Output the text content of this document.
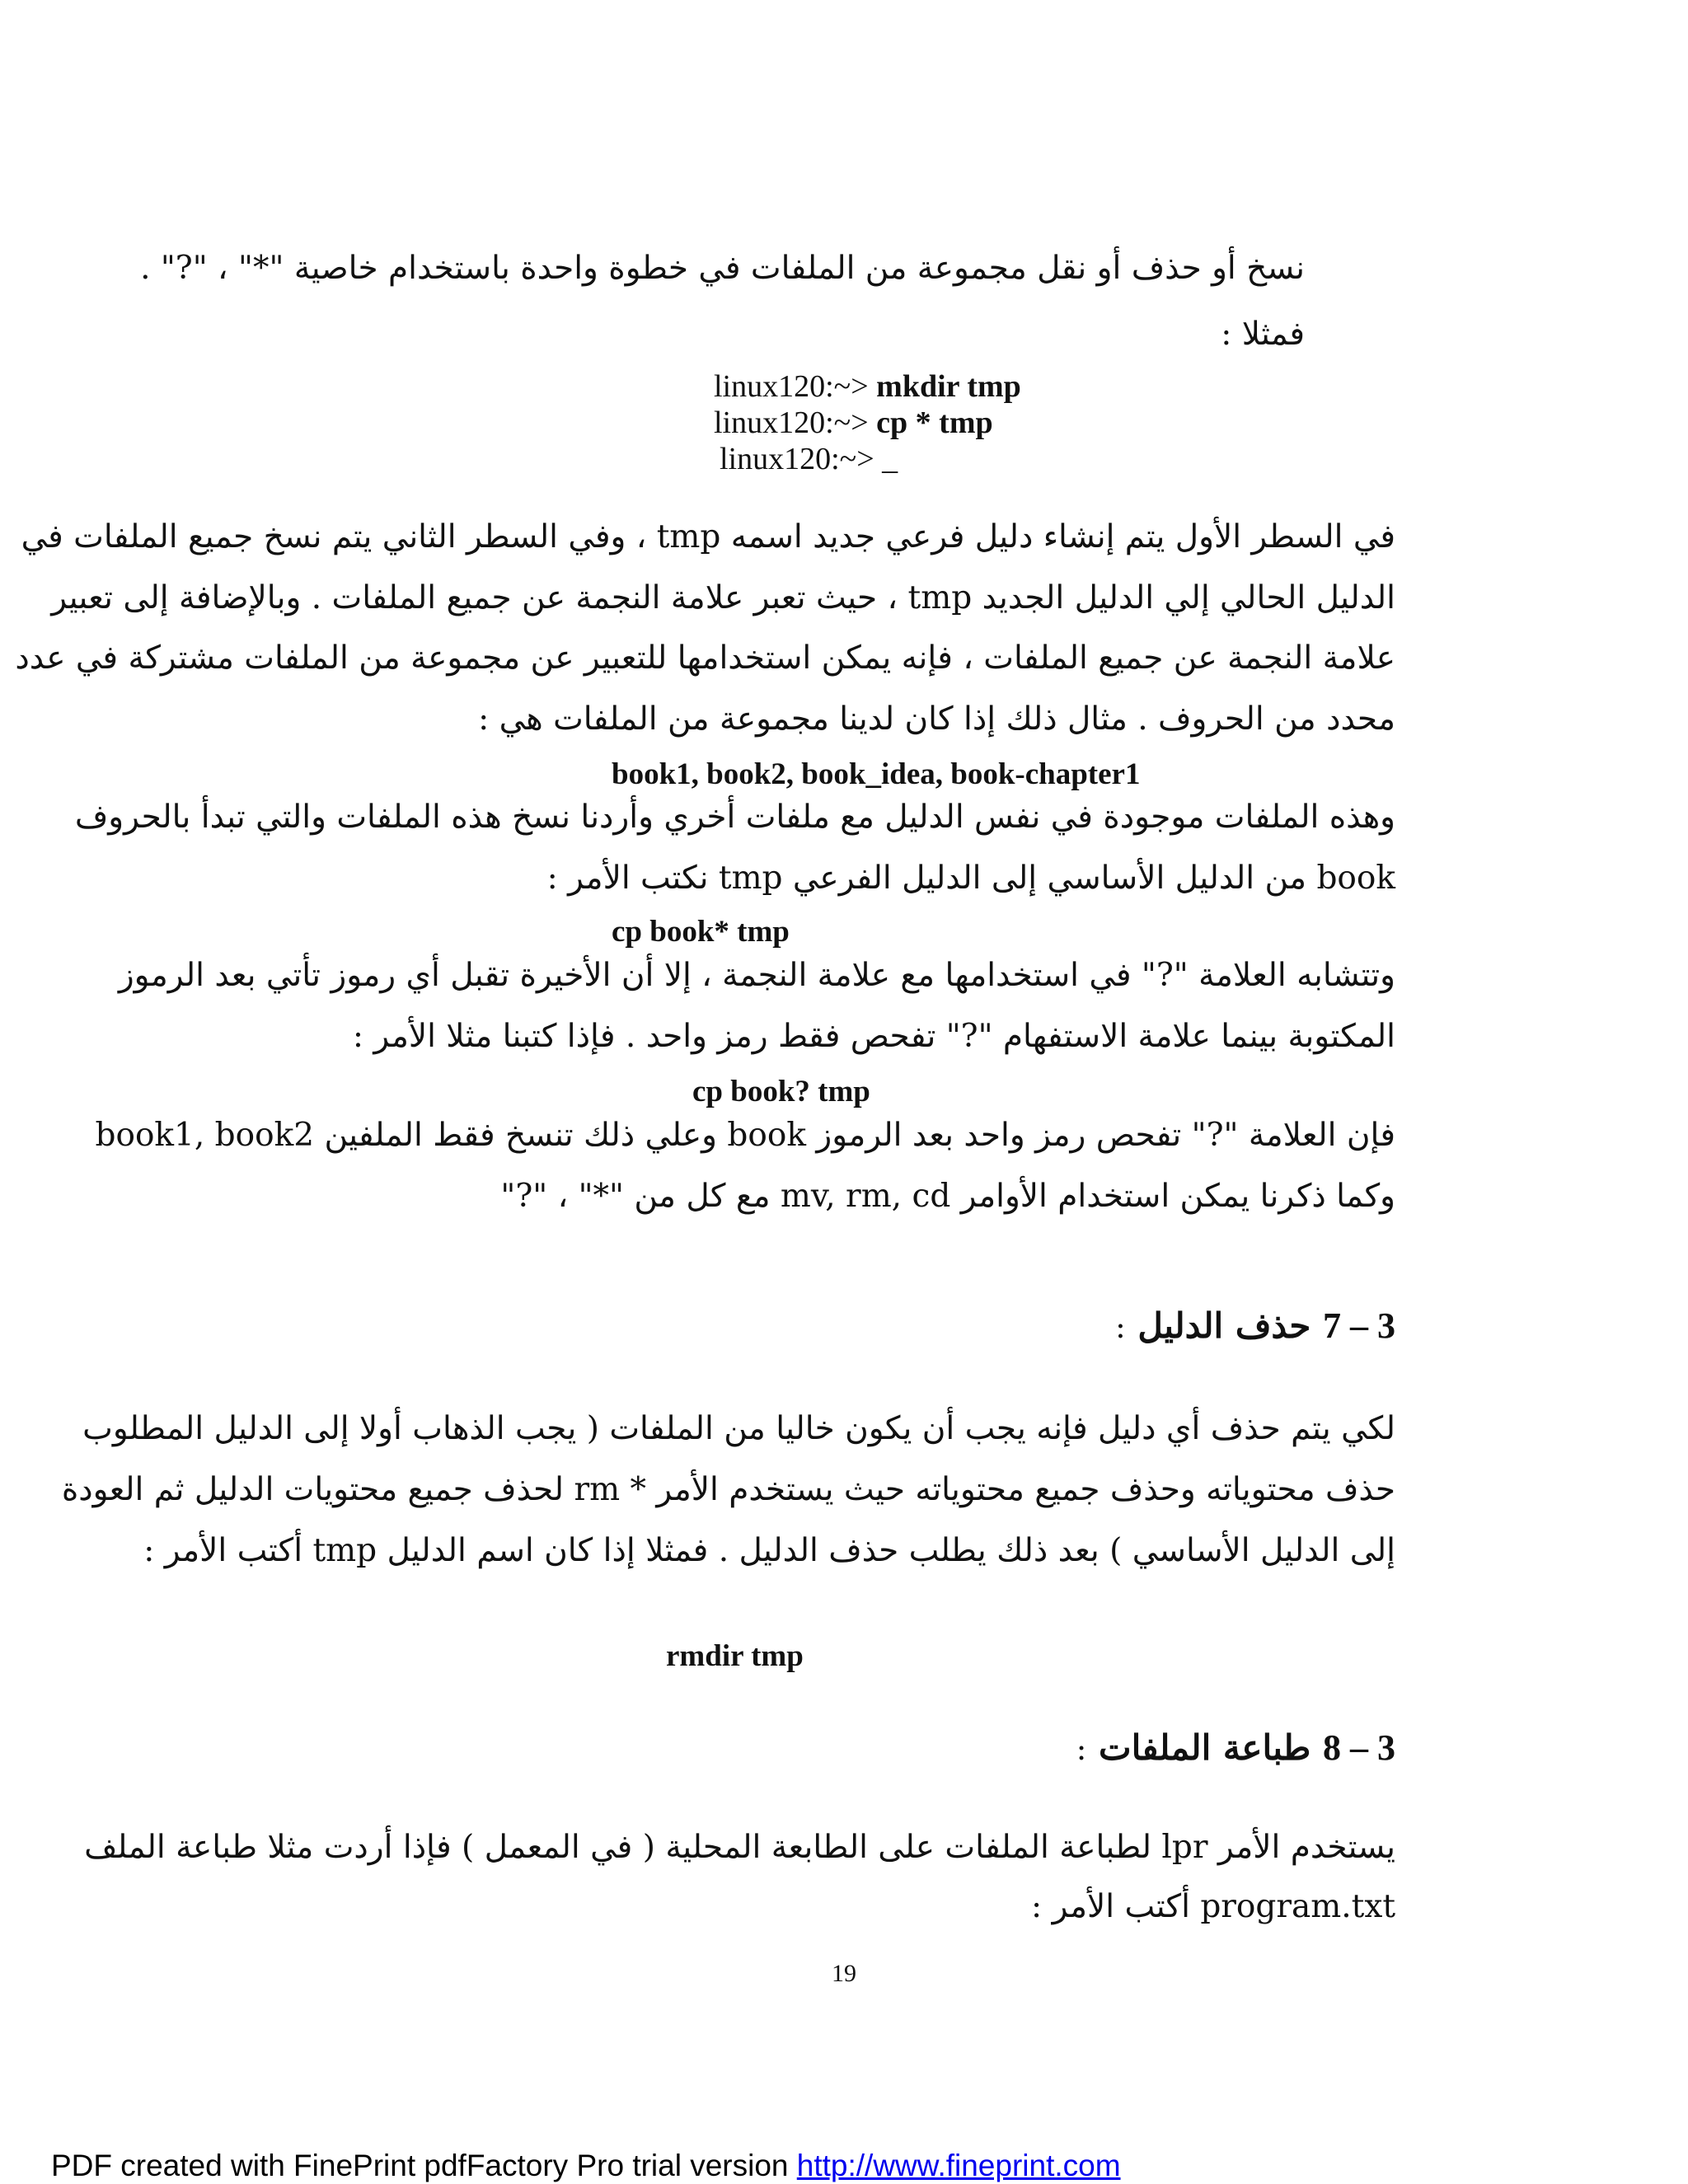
نسخ أو حذف أو نقل مجموعة من الملفات في خطوة واحدة باستخدام خاصية "*" ، "?" .
فمثلا :
linux120:~> mkdir tmp
linux120:~> cp * tmp
linux120:~> _
في السطر الأول يتم إنشاء دليل فرعي جديد اسمه tmp ، وفي السطر الثاني يتم نسخ جميع الملفات في
الدليل الحالي إلي الدليل الجديد tmp ، حيث تعبر علامة النجمة عن جميع الملفات . وبالإضافة إلى تعبير
علامة النجمة عن جميع الملفات ، فإنه يمكن استخدامها للتعبير عن مجموعة من الملفات مشتركة في عدد
محدد من الحروف . مثال ذلك إذا كان لدينا مجموعة من الملفات هي :
book1, book2, book_idea, book-chapter1
وهذه الملفات موجودة في نفس الدليل مع ملفات أخري وأردنا نسخ هذه الملفات والتي تبدأ بالحروف
book من الدليل الأساسي إلى الدليل الفرعي tmp نكتب الأمر :
cp book* tmp
وتتشابه العلامة "?" في استخدامها مع علامة النجمة ، إلا أن الأخيرة تقبل أي رموز تأتي بعد الرموز
المكتوبة بينما علامة الاستفهام "?" تفحص فقط رمز واحد . فإذا كتبنا مثلا الأمر :
cp book? tmp
فإن العلامة "?" تفحص رمز واحد بعد الرموز book وعلي ذلك تنسخ فقط الملفين book1, book2
وكما ذكرنا يمكن استخدام الأوامر mv, rm, cd مع كل من "*" ، "?"
3 – 7 حذف الدليل :
لكي يتم حذف أي دليل فإنه يجب أن يكون خاليا من الملفات ( يجب الذهاب أولا إلى الدليل المطلوب
حذف محتوياته وحذف جميع محتوياته حيث يستخدم الأمر * rm لحذف جميع محتويات الدليل ثم العودة
إلى الدليل الأساسي ) بعد ذلك يطلب حذف الدليل . فمثلا إذا كان اسم الدليل tmp أكتب الأمر :
rmdir tmp
3 – 8 طباعة الملفات :
يستخدم الأمر lpr لطباعة الملفات على الطابعة المحلية ( في المعمل ) فإذا أردت مثلا طباعة الملف
program.txt أكتب الأمر :
19
PDF created with FinePrint pdfFactory Pro trial version http://www.fineprint.com
